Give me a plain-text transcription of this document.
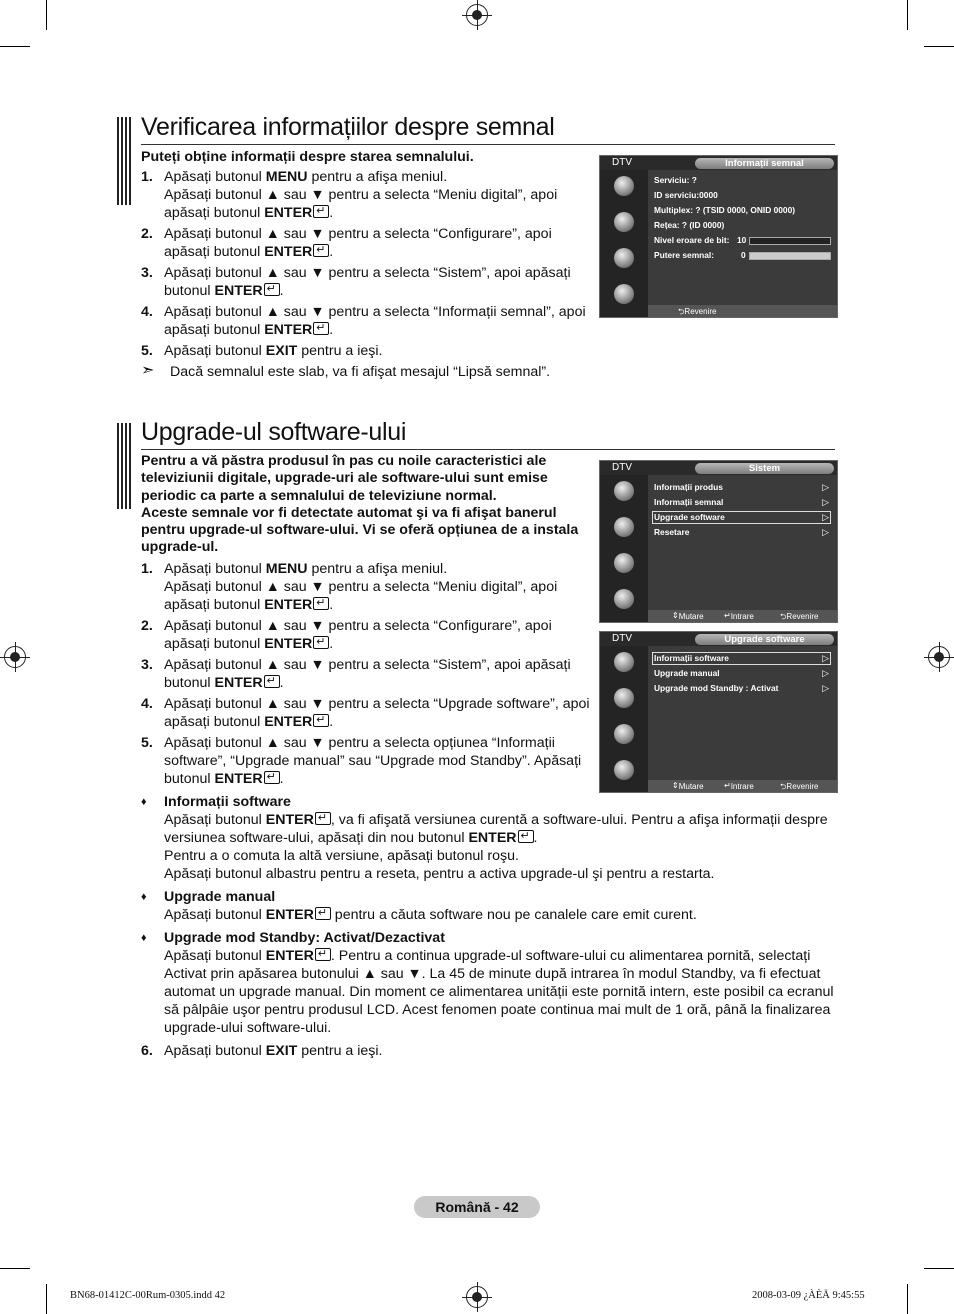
Verificarea informațiilor despre semnal
Puteți obține informații despre starea semnalului.
1. Apăsați butonul MENU pentru a afişa meniul.
Apăsați butonul ▲ sau ▼ pentru a selecta “Meniu digital”, apoi apăsați butonul ENTER ↵ .
2. Apăsați butonul ▲ sau ▼ pentru a selecta “Configurare”, apoi apăsați butonul ENTER ↵ .
3. Apăsați butonul ▲ sau ▼ pentru a selecta “Sistem”, apoi apăsați butonul ENTER ↵ .
4. Apăsați butonul ▲ sau ▼ pentru a selecta “Informații semnal”, apoi apăsați butonul ENTER ↵ .
5. Apăsați butonul EXIT pentru a ieşi.
➣ Dacă semnalul este slab, va fi afişat mesajul “Lipsă semnal”.
DTV	Informații semnal
Serviciu: ?
ID serviciu:0000
Multiplex: ? (TSID 0000, ONID 0000)
Rețea: ? (ID 0000)
Nivel eroare de bit: 10
Putere semnal:	0
⮌ Revenire
Upgrade-ul software-ului
Pentru a vă păstra produsul în pas cu noile caracteristici ale televiziunii digitale, upgrade-uri ale software-ului sunt emise periodic ca parte a semnalului de televiziune normal.
Aceste semnale vor fi detectate automat şi va fi afişat banerul pentru upgrade-ul software-ului. Vi se oferă opțiunea de a instala upgrade-ul.
1. Apăsați butonul MENU pentru a afişa meniul.
Apăsați butonul ▲ sau ▼ pentru a selecta “Meniu digital”, apoi apăsați butonul ENTER ↵ .
2. Apăsați butonul ▲ sau ▼ pentru a selecta “Configurare”, apoi apăsați butonul ENTER ↵ .
3. Apăsați butonul ▲ sau ▼ pentru a selecta “Sistem”, apoi apăsați butonul ENTER ↵ .
4. Apăsați butonul ▲ sau ▼ pentru a selecta “Upgrade software”, apoi apăsați butonul ENTER ↵ .
5. Apăsați butonul ▲ sau ▼ pentru a selecta opțiunea “Informații software”, “Upgrade manual” sau “Upgrade mod Standby”. Apăsați butonul ENTER ↵ .
♦ Informații software
Apăsați butonul ENTER ↵ , va fi afişată versiunea curentă a software-ului. Pentru a afişa informații despre versiunea software-ului, apăsați din nou butonul ENTER ↵ .
Pentru a o comuta la altă versiune, apăsați butonul roşu.
Apăsați butonul albastru pentru a reseta, pentru a activa upgrade-ul şi pentru a restarta.
♦ Upgrade manual
Apăsați butonul ENTER↵ pentru a căuta software nou pe canalele care emit curent.
♦ Upgrade mod Standby: Activat/Dezactivat
Apăsați butonul ENTER ↵ . Pentru a continua upgrade-ul software-ului cu alimentarea pornită, selectați Activat prin apăsarea butonului ▲ sau ▼. La 45 de minute după intrarea în modul Standby, va fi efectuat automat un upgrade manual. Din moment ce alimentarea unității este pornită intern, este posibil ca ecranul să pâlpâie uşor pentru produsul LCD. Acest fenomen poate continua mai mult de 1 oră, până la finalizarea upgrade-ului software-ului.
6. Apăsați butonul EXIT pentru a ieşi.
DTV	Sistem
Informații produs	▷
Informații semnal	▷
Upgrade software	▷
Resetare	▷
⇕ Mutare	↵ Intrare	⮌ Revenire
DTV	Upgrade software
Informații software	▷
Upgrade manual	▷
Upgrade mod Standby : Activat	▷
⇕ Mutare	↵ Intrare	⮌ Revenire
Română - 42
BN68-01412C-00Rum-0305.indd 42	2008-03-09 ¿ÀÈÄ 9:45:55
